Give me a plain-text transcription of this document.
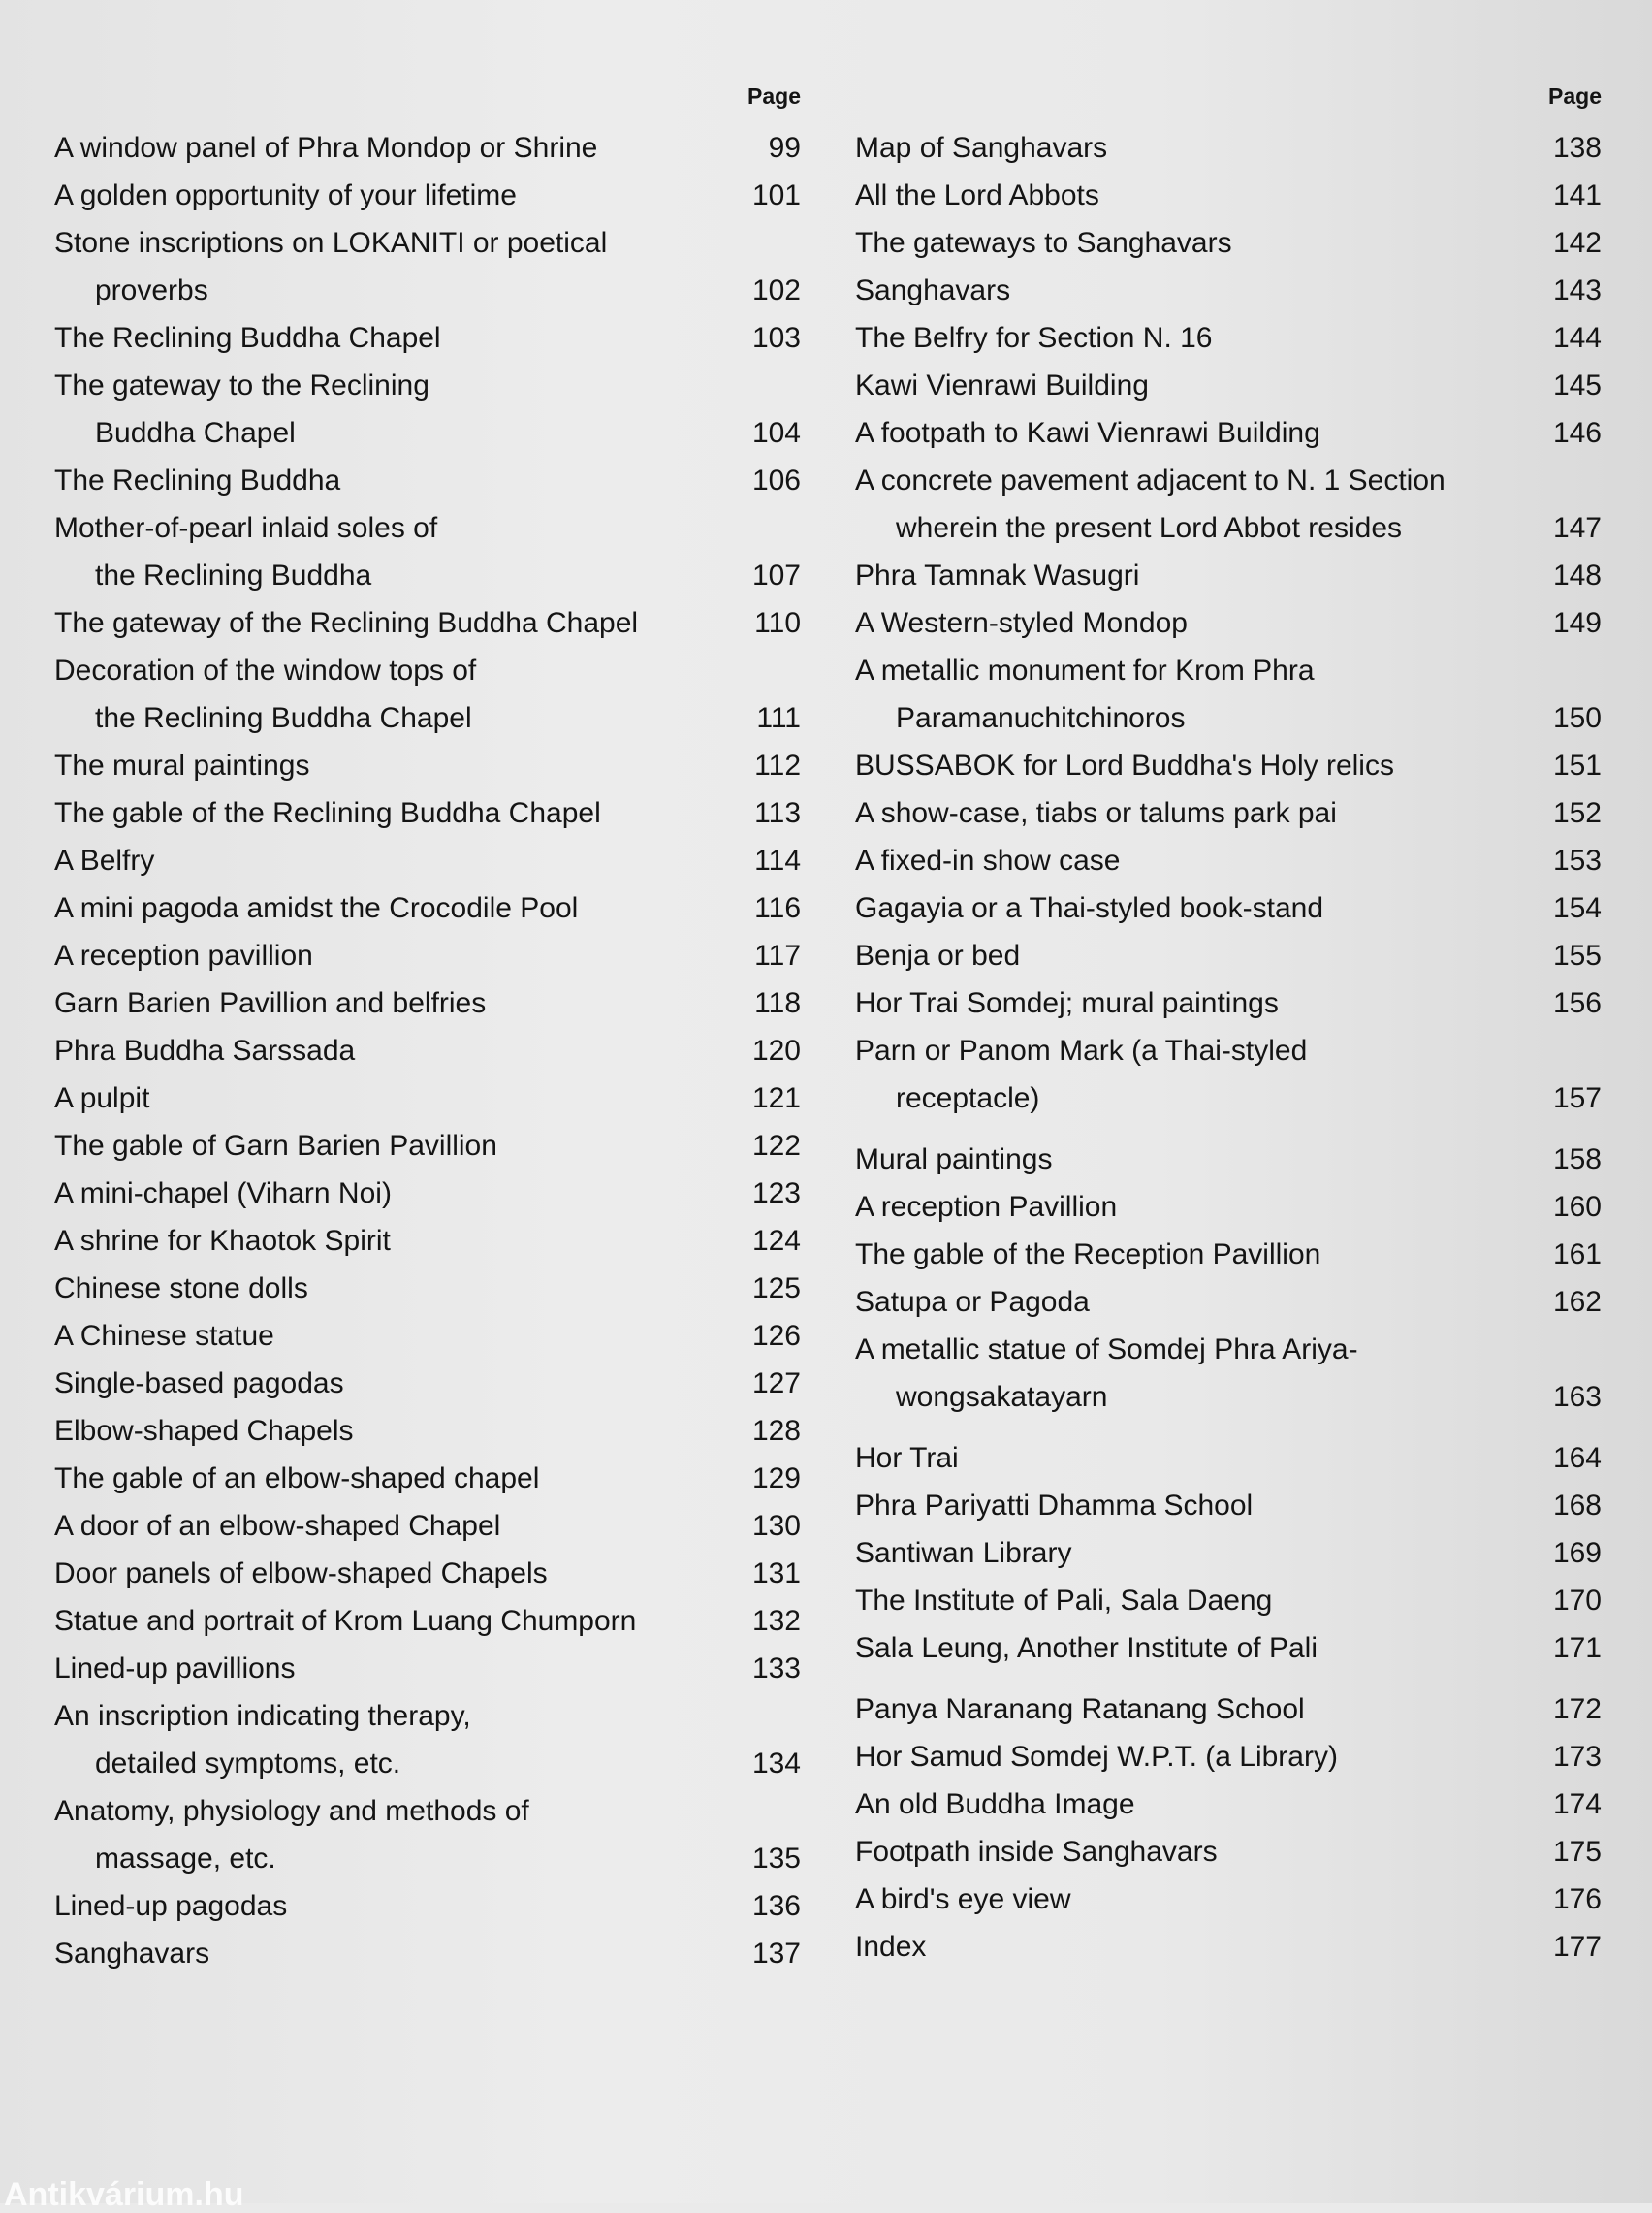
Page
A window panel of Phra Mondop or Shrine	99
A golden opportunity of your lifetime	101
Stone inscriptions on LOKANITI or poetical
proverbs	102
The Reclining Buddha Chapel	103
The gateway to the Reclining
Buddha Chapel	104
The Reclining Buddha	106
Mother-of-pearl inlaid soles of
the Reclining Buddha	107
The gateway of the Reclining Buddha Chapel	110
Decoration of the window tops of
the Reclining Buddha Chapel	111
The mural paintings	112
The gable of the Reclining Buddha Chapel	113
A Belfry	114
A mini pagoda amidst the Crocodile Pool	116
A reception pavillion	117
Garn Barien Pavillion and belfries	118
Phra Buddha Sarssada	120
A pulpit	121
The gable of Garn Barien Pavillion	122
A mini-chapel (Viharn Noi)	123
A shrine for Khaotok Spirit	124
Chinese stone dolls	125
A Chinese statue	126
Single-based pagodas	127
Elbow-shaped Chapels	128
The gable of an elbow-shaped chapel	129
A door of an elbow-shaped Chapel	130
Door panels of elbow-shaped Chapels	131
Statue and portrait of Krom Luang Chumporn	132
Lined-up pavillions	133
An inscription indicating therapy,
detailed symptoms, etc.	134
Anatomy, physiology and methods of
massage, etc.	135
Lined-up pagodas	136
Sanghavars	137
Page
Map of Sanghavars	138
All the Lord Abbots	141
The gateways to Sanghavars	142
Sanghavars	143
The Belfry for Section N. 16	144
Kawi Vienrawi Building	145
A footpath to Kawi Vienrawi Building	146
A concrete pavement adjacent to N. 1 Section
wherein the present Lord Abbot resides	147
Phra Tamnak Wasugri	148
A Western-styled Mondop	149
A metallic monument for Krom Phra
Paramanuchitchinoros	150
BUSSABOK for Lord Buddha's Holy relics	151
A show-case, tiabs or talums park pai	152
A fixed-in show case	153
Gagayia or a Thai-styled book-stand	154
Benja or bed	155
Hor Trai Somdej; mural paintings	156
Parn or Panom Mark (a Thai-styled
receptacle)	157
Mural paintings	158
A reception Pavillion	160
The gable of the Reception Pavillion	161
Satupa or Pagoda	162
A metallic statue of Somdej Phra Ariya-
wongsakatayarn	163
Hor Trai	164
Phra Pariyatti Dhamma School	168
Santiwan Library	169
The Institute of Pali, Sala Daeng	170
Sala Leung, Another Institute of Pali	171
Panya Naranang Ratanang School	172
Hor Samud Somdej W.P.T. (a Library)	173
An old Buddha Image	174
Footpath inside Sanghavars	175
A bird's eye view	176
Index	177
Antikvárium.hu
